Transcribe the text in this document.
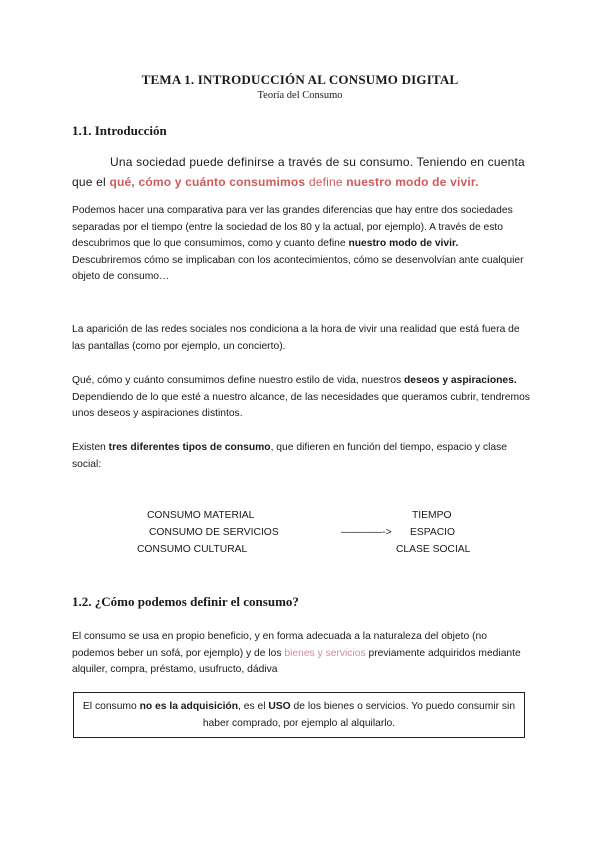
TEMA 1. INTRODUCCIÓN AL CONSUMO DIGITAL
Teoría del Consumo
1.1. Introducción

Una sociedad puede definirse a través de su consumo. Teniendo en cuenta que el qué, cómo y cuánto consumimos define nuestro modo de vivir.

Podemos hacer una comparativa para ver las grandes diferencias que hay entre dos sociedades separadas por el tiempo (entre la sociedad de los 80 y la actual, por ejemplo). A través de esto descubrimos que lo que consumimos, como y cuanto define nuestro modo de vivir.
Descubriremos cómo se implicaban con los acontecimientos, cómo se desenvolvían ante cualquier objeto de consumo…

La aparición de las redes sociales nos condiciona a la hora de vivir una realidad que está fuera de las pantallas (como por ejemplo, un concierto).

Qué, cómo y cuánto consumimos define nuestro estilo de vida, nuestros deseos y aspiraciones. Dependiendo de lo que esté a nuestro alcance, de las necesidades que queramos cubrir, tendremos unos deseos y aspiraciones distintos.

Existen tres diferentes tipos de consumo, que difieren en función del tiempo, espacio y clase social:

CONSUMO MATERIAL
CONSUMO DE SERVICIOS
CONSUMO CULTURAL
————->
TIEMPO
ESPACIO
CLASE SOCIAL
1.2. ¿Cómo podemos definir el consumo?

El consumo se usa en propio beneficio, y en forma adecuada a la naturaleza del objeto (no podemos beber un sofá, por ejemplo) y de los bienes y servicios previamente adquiridos mediante alquiler, compra, préstamo, usufructo, dádiva

El consumo no es la adquisición, es el USO de los bienes o servicios. Yo puedo consumir sin haber comprado, por ejemplo al alquilarlo.
